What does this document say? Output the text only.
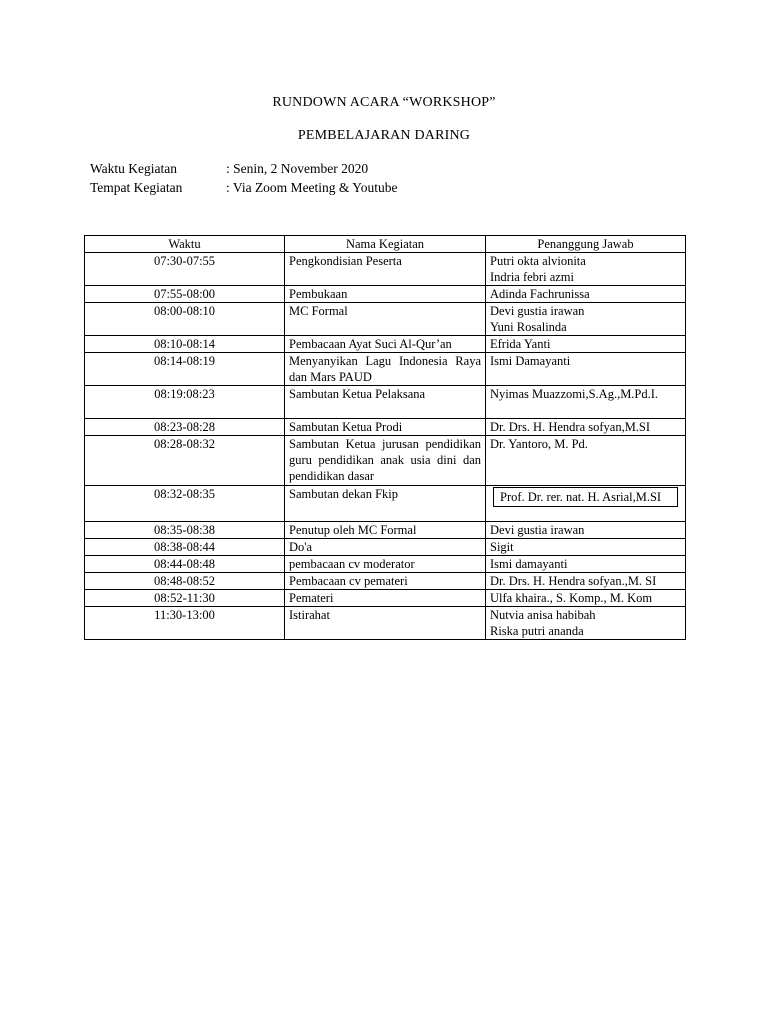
RUNDOWN ACARA “WORKSHOP”
PEMBELAJARAN DARING
Waktu Kegiatan	: Senin, 2 November 2020
Tempat Kegiatan	: Via Zoom Meeting & Youtube
Waktu	Nama Kegiatan	Penanggung Jawab
07:30-07:55	Pengkondisian Peserta	Putri okta alvionita
Indria febri azmi

07:55-08:00	Pembukaan	Adinda Fachrunissa

08:00-08:10	MC Formal	Devi gustia irawan
Yuni Rosalinda

08:10-08:14	Pembacaan Ayat Suci Al-Qur’an	Efrida Yanti

08:14-08:19	Menyanyikan Lagu Indonesia Raya dan Mars PAUD	Ismi Damayanti

08:19:08:23	Sambutan Ketua Pelaksana	Nyimas Muazzomi,S.Ag.,M.Pd.I.

08:23-08:28	Sambutan Ketua Prodi	Dr. Drs. H. Hendra sofyan,M.SI

08:28-08:32	Sambutan Ketua jurusan pendidikan guru pendidikan anak usia dini dan pendidikan dasar	Dr. Yantoro, M. Pd.

08:32-08:35	Sambutan dekan Fkip	Prof. Dr. rer. nat. H. Asrial,M.SI

08:35-08:38	Penutup oleh MC Formal	Devi gustia irawan

08:38-08:44	Do'a	Sigit

08:44-08:48	pembacaan cv moderator	Ismi damayanti

08:48-08:52	Pembacaan cv pemateri	Dr. Drs. H. Hendra sofyan.,M. SI

08:52-11:30	Pemateri	Ulfa khaira., S. Komp., M. Kom

11:30-13:00	Istirahat	Nutvia anisa habibah
Riska putri ananda
